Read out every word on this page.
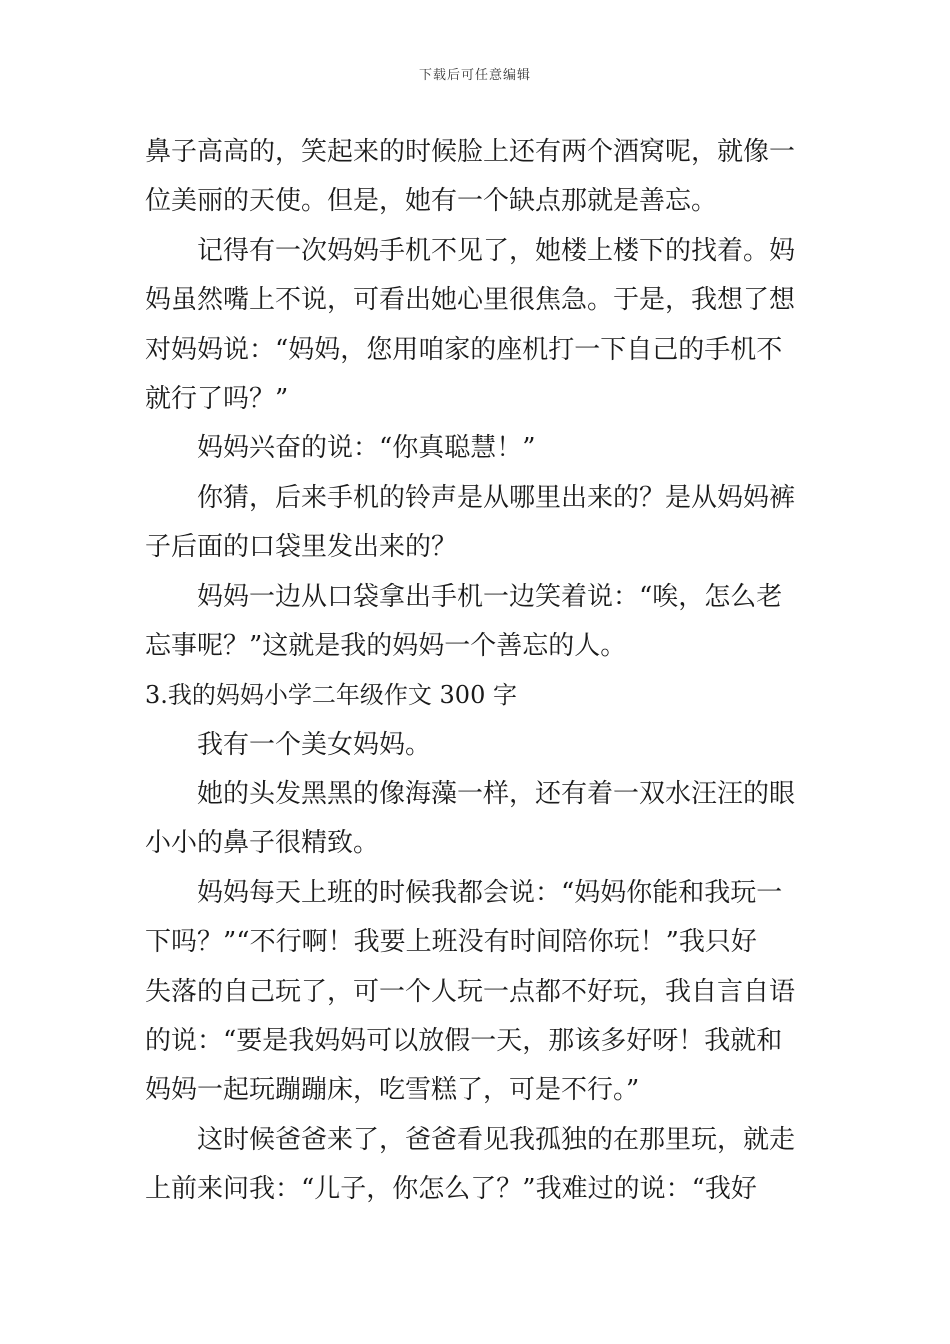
下载后可任意编辑
鼻子高高的，笑起来的时候脸上还有两个酒窝呢，就像一
位美丽的天使。但是，她有一个缺点那就是善忘。
记得有一次妈妈手机不见了，她楼上楼下的找着。妈
妈虽然嘴上不说，可看出她心里很焦急。于是，我想了想
对妈妈说：“妈妈，您用咱家的座机打一下自己的手机不
就行了吗？”
妈妈兴奋的说：“你真聪慧！”
你猜，后来手机的铃声是从哪里出来的？是从妈妈裤
子后面的口袋里发出来的？
妈妈一边从口袋拿出手机一边笑着说：“唉，怎么老
忘事呢？”这就是我的妈妈一个善忘的人。
3.我的妈妈小学二年级作文 300 字
我有一个美女妈妈。
她的头发黑黑的像海藻一样，还有着一双水汪汪的眼
小小的鼻子很精致。
妈妈每天上班的时候我都会说：“妈妈你能和我玩一
下吗？”“不行啊！我要上班没有时间陪你玩！”我只好
失落的自己玩了，可一个人玩一点都不好玩，我自言自语
的说：“要是我妈妈可以放假一天，那该多好呀！我就和
妈妈一起玩蹦蹦床，吃雪糕了，可是不行。”
这时候爸爸来了，爸爸看见我孤独的在那里玩，就走
上前来问我：“儿子，你怎么了？”我难过的说：“我好
